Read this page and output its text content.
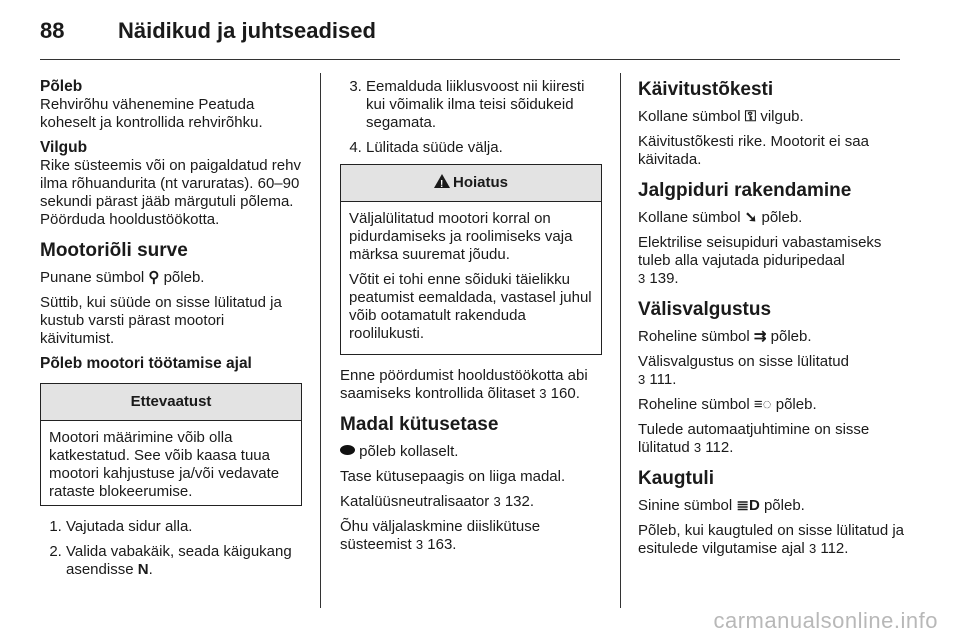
88 Näidikud ja juhtseadised
Põleb

Rehvirõhu vähenemine Peatuda koheselt ja kontrollida rehvirõhku.

Vilgub

Rike süsteemis või on paigaldatud rehv ilma rõhuandurita (nt varuratas). 60–90 sekundi pärast jääb märgutuli põlema. Pöörduda hooldustöökotta.

Mootoriõli surve

Punane sümbol ⚲ põleb.

Süttib, kui süüde on sisse lülitatud ja kustub varsti pärast mootori käivitumist.

Põleb mootori töötamise ajal
Ettevaatust
Mootori määrimine võib olla katkestatud. See võib kaasa tuua mootori kahjustuse ja/või vedavate rataste blokeerumise.
1. Vajutada sidur alla.
2. Valida vabakäik, seada käigukang asendisse N.
3. Eemalduda liiklusvoost nii kiiresti kui võimalik ilma teisi sõidukeid segamata.
4. Lülitada süüde välja.
!Hoiatus

Väljalülitatud mootori korral on pidurdamiseks ja roolimiseks vaja märksa suuremat jõudu.

Võtit ei tohi enne sõiduki täielikku peatumist eemaldada, vastasel juhul võib ootamatult rakenduda roolilukusti.

Enne pöördumist hooldustöökotta abi saamiseks kontrollida õlitaset 3 160.

Madal kütusetase

põleb kollaselt.

Tase kütusepaagis on liiga madal.

Katalüüsneutralisaator 3 132.

Õhu väljalaskmine diislikütuse süsteemist 3 163.

Käivitustõkesti

Kollane sümbol ⚿ vilgub.

Käivitustõkesti rike. Mootorit ei saa käivitada.

Jalgpiduri rakendamine

Kollane sümbol ➘ põleb.

Elektrilise seisupiduri vabastamiseks tuleb alla vajutada piduripedaal
3 139.

Välisvalgustus

Roheline sümbol ⇉ põleb.

Välisvalgustus on sisse lülitatud
3 111.

Roheline sümbol ≡◌ põleb.

Tulede automaatjuhtimine on sisse lülitatud 3 112.

Kaugtuli

Sinine sümbol ≣D põleb.

Põleb, kui kaugtuled on sisse lülitatud ja esitulede vilgutamise ajal 3 112.

carmanualsonline.info
